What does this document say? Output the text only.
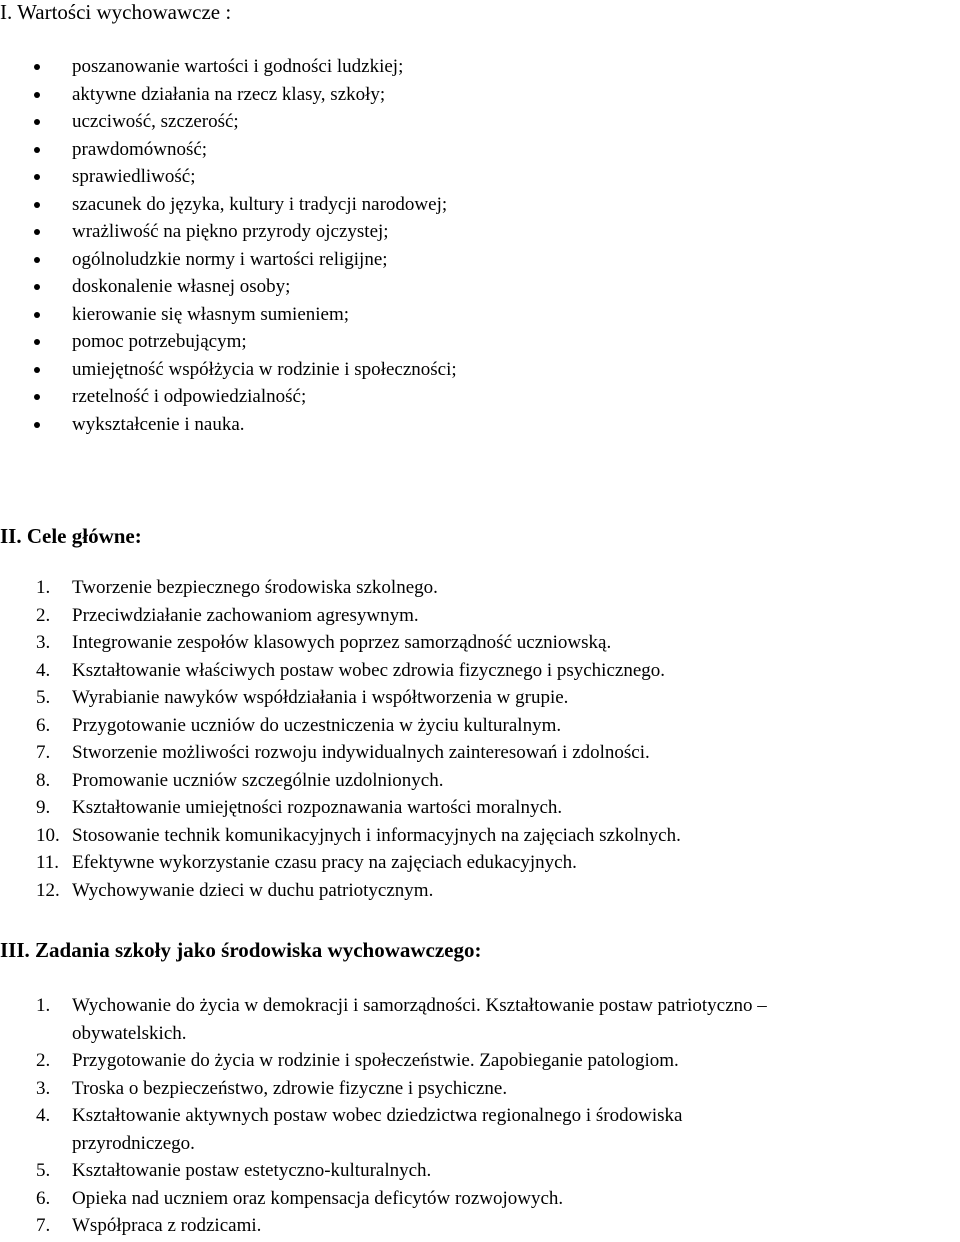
I. Wartości wychowawcze :
poszanowanie wartości i godności ludzkiej;
aktywne działania na rzecz klasy, szkoły;
uczciwość, szczerość;
prawdomówność;
sprawiedliwość;
szacunek do języka, kultury i tradycji narodowej;
wrażliwość na piękno przyrody ojczystej;
ogólnoludzkie normy i wartości religijne;
doskonalenie własnej osoby;
kierowanie się własnym sumieniem;
pomoc potrzebującym;
umiejętność współżycia w rodzinie i społeczności;
rzetelność i odpowiedzialność;
wykształcenie i nauka.
II. Cele główne:
1. Tworzenie bezpiecznego środowiska szkolnego.
2. Przeciwdziałanie zachowaniom agresywnym.
3. Integrowanie zespołów klasowych poprzez samorządność uczniowską.
4. Kształtowanie właściwych postaw wobec zdrowia fizycznego i psychicznego.
5. Wyrabianie nawyków współdziałania i współtworzenia w grupie.
6. Przygotowanie uczniów do uczestniczenia w życiu kulturalnym.
7. Stworzenie możliwości rozwoju indywidualnych zainteresowań i zdolności.
8. Promowanie uczniów szczególnie uzdolnionych.
9. Kształtowanie umiejętności rozpoznawania wartości moralnych.
10. Stosowanie technik komunikacyjnych i informacyjnych na zajęciach szkolnych.
11. Efektywne wykorzystanie czasu pracy na zajęciach edukacyjnych.
12. Wychowywanie dzieci w duchu patriotycznym.
III. Zadania szkoły jako środowiska wychowawczego:
1. Wychowanie do życia w demokracji i samorządności. Kształtowanie postaw patriotyczno –
obywatelskich.
2. Przygotowanie do życia w rodzinie i społeczeństwie. Zapobieganie patologiom.
3. Troska o bezpieczeństwo, zdrowie fizyczne i psychiczne.
4. Kształtowanie aktywnych postaw wobec dziedzictwa regionalnego i środowiska
przyrodniczego.
5. Kształtowanie postaw estetyczno-kulturalnych.
6. Opieka nad uczniem oraz kompensacja deficytów rozwojowych.
7. Współpraca z rodzicami.
